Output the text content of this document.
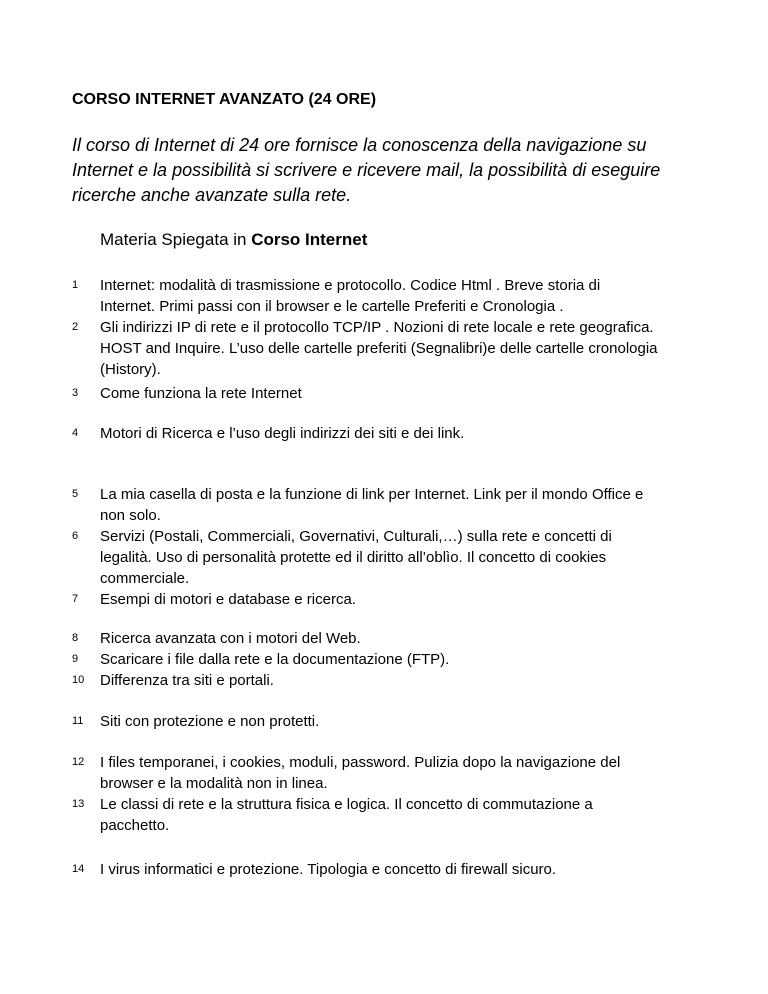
CORSO INTERNET AVANZATO (24 ORE)
Il corso di Internet di 24 ore fornisce la conoscenza della navigazione su
Internet e la possibilità si scrivere e ricevere mail, la possibilità di eseguire
ricerche anche avanzate sulla rete.
Materia Spiegata in Corso Internet
1	Internet: modalità di trasmissione e protocollo. Codice Html . Breve storia di
Internet. Primi passi con il browser e le cartelle Preferiti e Cronologia .
2	Gli indirizzi IP di rete e il protocollo TCP/IP . Nozioni di rete locale e rete geografica.
HOST and Inquire. L’uso delle cartelle preferiti (Segnalibri)e delle cartelle cronologia
(History).
3	Come funziona la rete Internet
4	Motori di Ricerca e l’uso degli indirizzi dei siti e dei link.
5	La mia casella di posta e la funzione di link per Internet. Link per il mondo Office e
non solo.
6	Servizi (Postali, Commerciali, Governativi, Culturali,…) sulla rete e concetti di
legalità. Uso di personalità protette ed il diritto all’oblìo. Il concetto di cookies
commerciale.
7	Esempi di motori e database e ricerca.
8	Ricerca avanzata con i motori del Web.
9	Scaricare i file dalla rete e la documentazione (FTP).
10	Differenza tra siti e portali.
11	Siti con protezione e non protetti.
12	I files temporanei, i cookies, moduli, password. Pulizia dopo la navigazione del
browser e la modalità non in linea.
13	Le classi di rete e la struttura fisica e logica. Il concetto di commutazione a
pacchetto.
14	I virus informatici e protezione. Tipologia e concetto di firewall sicuro.
